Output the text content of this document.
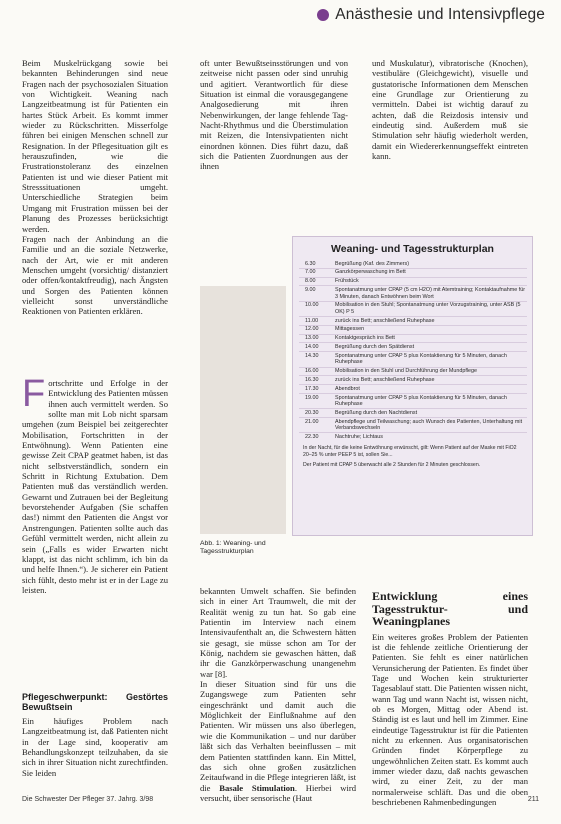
Anästhesie und Intensivpflege

Beim Muskelrückgang sowie bei bekannten Behinderungen sind neue Fragen nach der psychosozialen Situation von Wichtigkeit. Weaning nach Langzeitbeatmung ist für Patienten ein hartes Stück Arbeit. Es kommt immer wieder zu Rückschritten. Misserfolge führen bei einigen Menschen schnell zur Resignation. In der Pflegesituation gilt es herauszufinden, wie die Frustrationstoleranz des einzelnen Patienten ist und wie dieser Patient mit Stresssituationen umgeht. Unterschiedliche Strategien beim Umgang mit Frustration müssen bei der Planung des Prozesses berücksichtigt werden.

Fragen nach der Anbindung an die Familie und an die soziale Netzwerke, nach der Art, wie er mit anderen Menschen umgeht (vorsichtig/ distanziert oder offen/kontaktfreudig), nach Ängsten und Sorgen des Patienten können vielleicht sonst unverständliche Reaktionen von Patienten erklären.

Fortschritte und Erfolge in der Entwicklung des Patienten müssen ihnen auch vermittelt werden. So sollte man mit Lob nicht sparsam umgehen (zum Beispiel bei zeitgerechter Mobilisation, Fortschritten in der Entwöhnung). Wenn Patienten eine gewisse Zeit CPAP geatmet haben, ist das nicht selbstverständlich, sondern ein Schritt in Richtung Extubation. Dem Patienten muß das verständlich werden. Gewarnt und Zutrauen bei der Begleitung bevorstehender Aufgaben (Sie schaffen das!) nimmt den Patienten die Angst vor Anstrengungen. Patienten sollte auch das Gefühl vermittelt werden, nicht allein zu sein („Falls es wider Erwarten nicht klappt, ist das nicht schlimm, ich bin da und helfe Ihnen.“). Je sicherer ein Patient sich fühlt, desto mehr ist er in der Lage zu leisten.

Pflegeschwerpunkt: Gestörtes Bewußtsein

Ein häufiges Problem nach Langzeitbeatmung ist, daß Patienten nicht in der Lage sind, kooperativ am Behandlungskonzept teilzuhaben, da sie sich in ihrer Situation nicht zurechtfinden. Sie leiden

oft unter Bewußtseinsstörungen und von zeitweise nicht passen oder sind unruhig und agitiert. Verantwortlich für diese Situation ist einmal die vorausgegangene Analgosedierung mit ihren Nebenwirkungen, der lange fehlende Tag-Nacht-Rhythmus und die Überstimulation mit Reizen, die Intensivpatienten nicht einordnen können. Dies führt dazu, daß sich die Patienten Zuordnungen aus der ihnen

Abb. 1: Weaning- und Tagesstrukturplan
Weaning- und Tagesstrukturplan
6.30	Begrüßung (Kaf. des Zimmers)
7.00	Ganzkörperwaschung im Bett
8.00	Frühstück
9.00	Spontanatmung unter CPAP (5 cm H2O) mit Atemtraining; Kontaktaufnahme für 3 Minuten, danach Entwöhnen beim Wort
10.00	Mobilisation in den Stuhl; Spontanatmung unter Vorzugstraining, unter ASB (5 OK) P 5
11.00	zurück ins Bett; anschließend Ruhephase
12.00	Mittagessen
13.00	Kontaktgespräch ins Bett
14.00	Begrüßung durch den Spätdienst
14.30	Spontanatmung unter CPAP 5 plus Kontaktierung für 5 Minuten, danach Ruhephase
16.00	Mobilisation in den Stuhl und Durchführung der Mundpflege
16.30	zurück ins Bett; anschließend Ruhephase
17.30	Abendbrot
19.00	Spontanatmung unter CPAP 5 plus Kontaktierung für 5 Minuten, danach Ruhephase
20.30	Begrüßung durch den Nachtdienst
21.00	Abendpflege und Teilwaschung; auch Wunsch des Patienten, Unterhaltung mit Verbandswechseln
22.30	Nachtruhe; Lichtaus
In der Nacht, für die keine Entwöhnung erwünscht, gilt: Wenn Patient auf der Maske mit FiO2 20–25 % unter PEEP 5 ist, sollen Sie...
Der Patient mit CPAP 5 überwacht alle 2 Stunden für 2 Minuten geschlossen.

bekannten Umwelt schaffen. Sie befinden sich in einer Art Traumwelt, die mit der Realität wenig zu tun hat. So gab eine Patientin im Interview nach einem Intensivaufenthalt an, die Schwestern hätten sie gesagt, sie müsse schon am Tor der König, nachdem sie gewaschen hätten, daß ihr die Ganzkörperwaschung unangenehm war [8].

In dieser Situation sind für uns die Zugangswege zum Patienten sehr eingeschränkt und damit auch die Möglichkeit der Einflußnahme auf den Patienten. Wir müssen uns also überlegen, wie die Kommunikation – und nur darüber läßt sich das Verhalten beeinflussen – mit dem Patienten stattfinden kann. Ein Mittel, das sich ohne großen zusätzlichen Zeitaufwand in die Pflege integrieren läßt, ist die Basale Stimulation. Hierbei wird versucht, über sensorische (Haut

und Muskulatur), vibratorische (Knochen), vestibuläre (Gleichgewicht), visuelle und gustatorische Informationen dem Menschen eine Grundlage zur Orientierung zu vermitteln. Dabei ist wichtig darauf zu achten, daß die Reizdosis intensiv und eindeutig sind. Außerdem muß sie Stimulation sehr häufig wiederholt werden, damit ein Wiedererkennungseffekt eintreten kann.

Entwicklung eines Tagesstruktur- und Weaningplanes

Ein weiteres großes Problem der Patienten ist die fehlende zeitliche Orientierung der Patienten. Sie fehlt es einer natürlichen Verunsicherung der Patienten. Es findet über Tage und Wochen kein strukturierter Tagesablauf statt. Die Patienten wissen nicht, wann Tag und wann Nacht ist, wissen nicht, ob es Morgen, Mittag oder Abend ist. Ständig ist es laut und hell im Zimmer. Eine eindeutige Tagesstruktur ist für die Patienten nicht zu erkennen. Aus organisatorischen Gründen findet Körperpflege zu ungewöhnlichen Zeiten statt. Es kommt auch immer wieder dazu, daß nachts gewaschen wird, zu einer Zeit, zu der man normalerweise schläft. Das und die oben beschriebenen Rahmenbedingungen

Die Schwester Der Pfleger 37. Jahrg. 3/98	211
